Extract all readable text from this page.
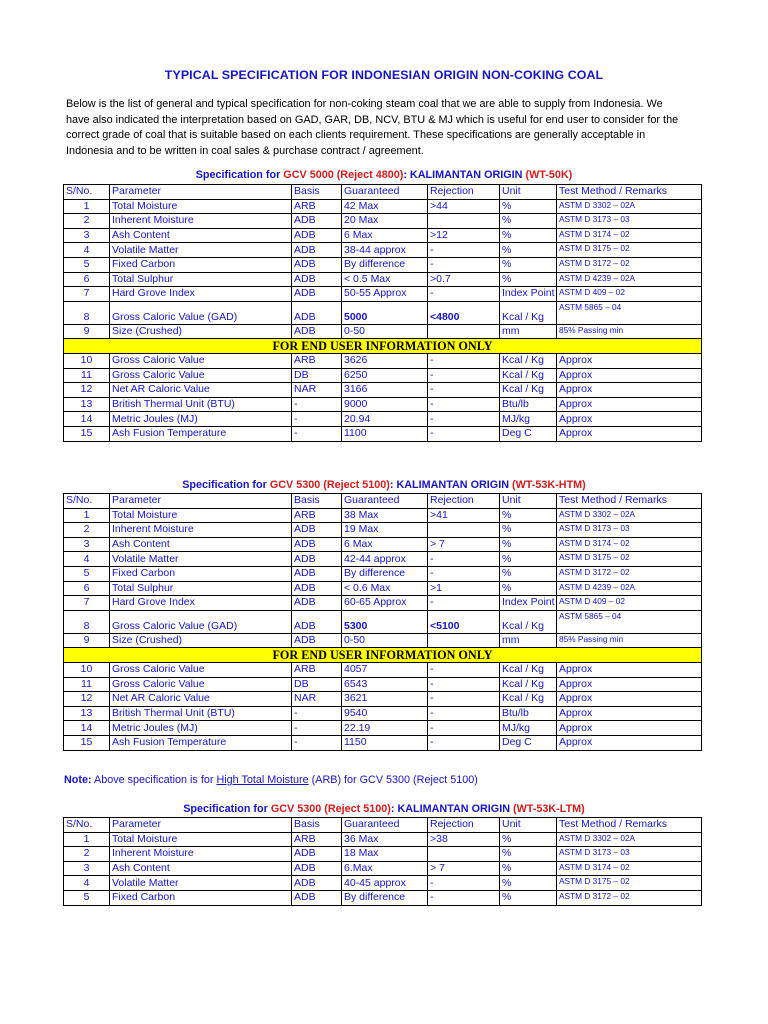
TYPICAL SPECIFICATION FOR INDONESIAN ORIGIN NON-COKING COAL
Below is the list of general and typical specification for non-coking steam coal that we are able to supply from Indonesia. We
have also indicated the interpretation based on GAD, GAR, DB, NCV, BTU & MJ which is useful for end user to consider for the
correct grade of coal that is suitable based on each clients requirement. These specifications are generally acceptable in
Indonesia and to be written in coal sales & purchase contract / agreement.
Specification for GCV 5000 (Reject 4800): KALIMANTAN ORIGIN (WT-50K)
S/No.	Parameter	Basis	Guaranteed	Rejection	Unit	Test Method / Remarks
1	Total Moisture	ARB	42 Max	>44	%	ASTM D 3302 – 02A
2	Inherent Moisture	ADB	20 Max		%	ASTM D 3173 – 03
3	Ash Content	ADB	6 Max	>12	%	ASTM D 3174 – 02
4	Volatile Matter	ADB	38-44 approx	-	%	ASTM D 3175 – 02
5	Fixed Carbon	ADB	By difference	-	%	ASTM D 3172 – 02
6	Total Sulphur	ADB	< 0.5 Max	>0.7	%	ASTM D 4239 – 02A
7	Hard Grove Index	ADB	50-55 Approx	-	Index Point	ASTM D 409 – 02
8	Gross Caloric Value (GAD)	ADB	5000	<4800	Kcal / Kg	ASTM 5865 – 04
9	Size (Crushed)	ADB	0-50		mm	85% Passing min
FOR END USER INFORMATION ONLY						
10	Gross Caloric Value	ARB	3626	-	Kcal / Kg	Approx
11	Gross Caloric Value	DB	6250	-	Kcal / Kg	Approx
12	Net AR Caloric Value	NAR	3166	-	Kcal / Kg	Approx
13	British Thermal Unit (BTU)	-	9000	-	Btu/lb	Approx
14	Metric Joules (MJ)	-	20.94	-	MJ/kg	Approx
15	Ash Fusion Temperature	-	1100	-	Deg C	Approx
Specification for GCV 5300 (Reject 5100): KALIMANTAN ORIGIN (WT-53K-HTM)
S/No.	Parameter	Basis	Guaranteed	Rejection	Unit	Test Method / Remarks
1	Total Moisture	ARB	38 Max	>41	%	ASTM D 3302 – 02A
2	Inherent Moisture	ADB	19 Max		%	ASTM D 3173 – 03
3	Ash Content	ADB	6 Max	> 7	%	ASTM D 3174 – 02
4	Volatile Matter	ADB	42-44 approx	-	%	ASTM D 3175 – 02
5	Fixed Carbon	ADB	By difference	-	%	ASTM D 3172 – 02
6	Total Sulphur	ADB	< 0.6 Max	>1	%	ASTM D 4239 – 02A
7	Hard Grove Index	ADB	60-65 Approx	-	Index Point	ASTM D 409 – 02
8	Gross Caloric Value (GAD)	ADB	5300	<5100	Kcal / Kg	ASTM 5865 – 04
9	Size (Crushed)	ADB	0-50		mm	85% Passing min
FOR END USER INFORMATION ONLY						
10	Gross Caloric Value	ARB	4057	-	Kcal / Kg	Approx
11	Gross Caloric Value	DB	6543	-	Kcal / Kg	Approx
12	Net AR Caloric Value	NAR	3621	-	Kcal / Kg	Approx
13	British Thermal Unit (BTU)	-	9540	-	Btu/lb	Approx
14	Metric Joules (MJ)	-	22.19	-	MJ/kg	Approx
15	Ash Fusion Temperature	-	1150	-	Deg C	Approx
Note: Above specification is for High Total Moisture (ARB) for GCV 5300 (Reject 5100)
Specification for GCV 5300 (Reject 5100): KALIMANTAN ORIGIN (WT-53K-LTM)
S/No.	Parameter	Basis	Guaranteed	Rejection	Unit	Test Method / Remarks
1	Total Moisture	ARB	36 Max	>38	%	ASTM D 3302 – 02A
2	Inherent Moisture	ADB	18 Max		%	ASTM D 3173 – 03
3	Ash Content	ADB	6.Max	> 7	%	ASTM D 3174 – 02
4	Volatile Matter	ADB	40-45 approx	-	%	ASTM D 3175 – 02
5	Fixed Carbon	ADB	By difference	-	%	ASTM D 3172 – 02
